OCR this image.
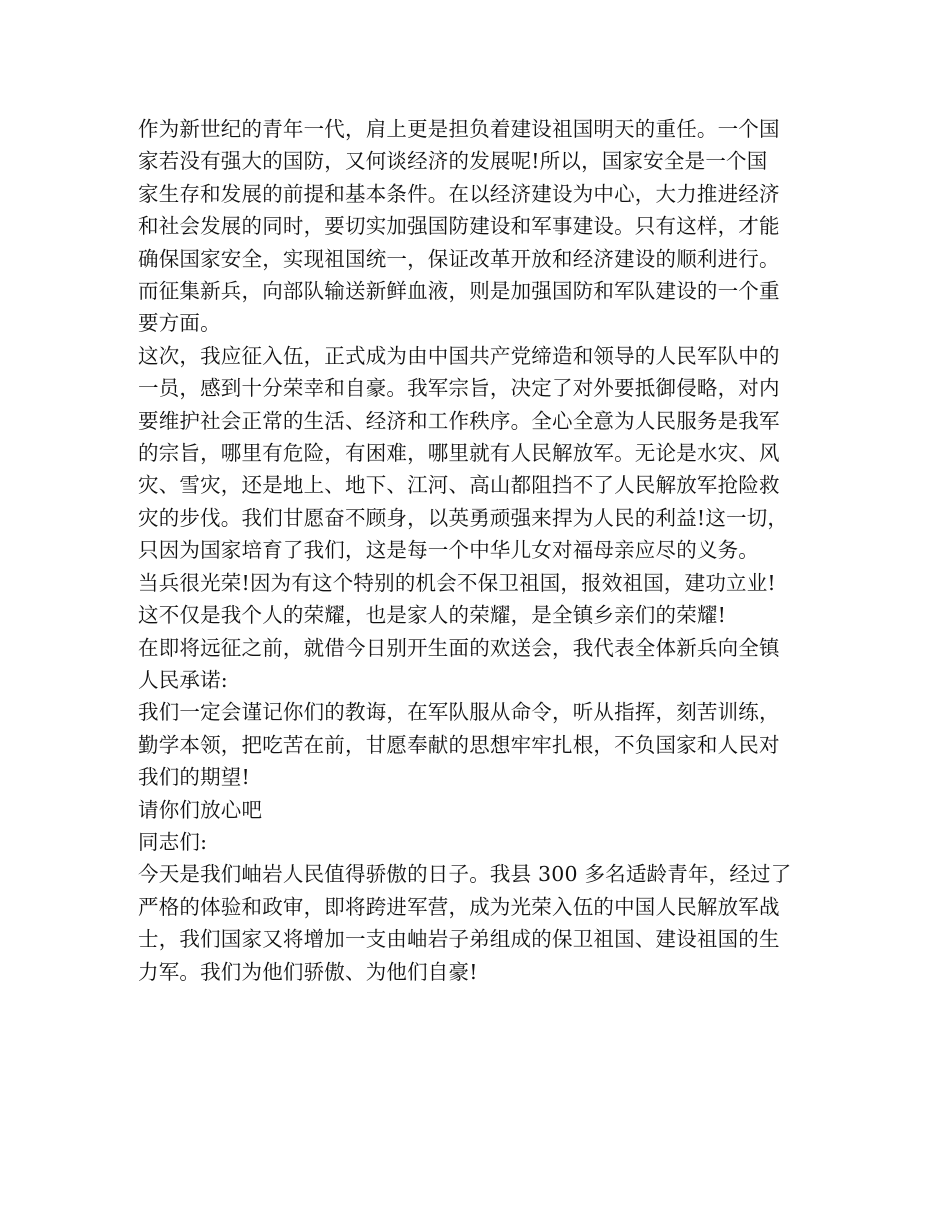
作为新世纪的青年一代，肩上更是担负着建设祖国明天的重任。一个国
家若没有强大的国防，又何谈经济的发展呢!所以，国家安全是一个国
家生存和发展的前提和基本条件。在以经济建设为中心，大力推进经济
和社会发展的同时，要切实加强国防建设和军事建设。只有这样，才能
确保国家安全，实现祖国统一，保证改革开放和经济建设的顺利进行。
而征集新兵，向部队输送新鲜血液，则是加强国防和军队建设的一个重
要方面。
这次，我应征入伍，正式成为由中国共产党缔造和领导的人民军队中的
一员，感到十分荣幸和自豪。我军宗旨，决定了对外要抵御侵略，对内
要维护社会正常的生活、经济和工作秩序。全心全意为人民服务是我军
的宗旨，哪里有危险，有困难，哪里就有人民解放军。无论是水灾、风
灾、雪灾，还是地上、地下、江河、高山都阻挡不了人民解放军抢险救
灾的步伐。我们甘愿奋不顾身，以英勇顽强来捍为人民的利益!这一切，
只因为国家培育了我们，这是每一个中华儿女对福母亲应尽的义务。
当兵很光荣!因为有这个特别的机会不保卫祖国，报效祖国，建功立业!
这不仅是我个人的荣耀，也是家人的荣耀，是全镇乡亲们的荣耀!
在即将远征之前，就借今日别开生面的欢送会，我代表全体新兵向全镇
人民承诺:
我们一定会谨记你们的教诲，在军队服从命令，听从指挥，刻苦训练，
勤学本领，把吃苦在前，甘愿奉献的思想牢牢扎根，不负国家和人民对
我们的期望!
请你们放心吧
同志们:
今天是我们岫岩人民值得骄傲的日子。我县 300 多名适龄青年，经过了
严格的体验和政审，即将跨进军营，成为光荣入伍的中国人民解放军战
士，我们国家又将增加一支由岫岩子弟组成的保卫祖国、建设祖国的生
力军。我们为他们骄傲、为他们自豪!
